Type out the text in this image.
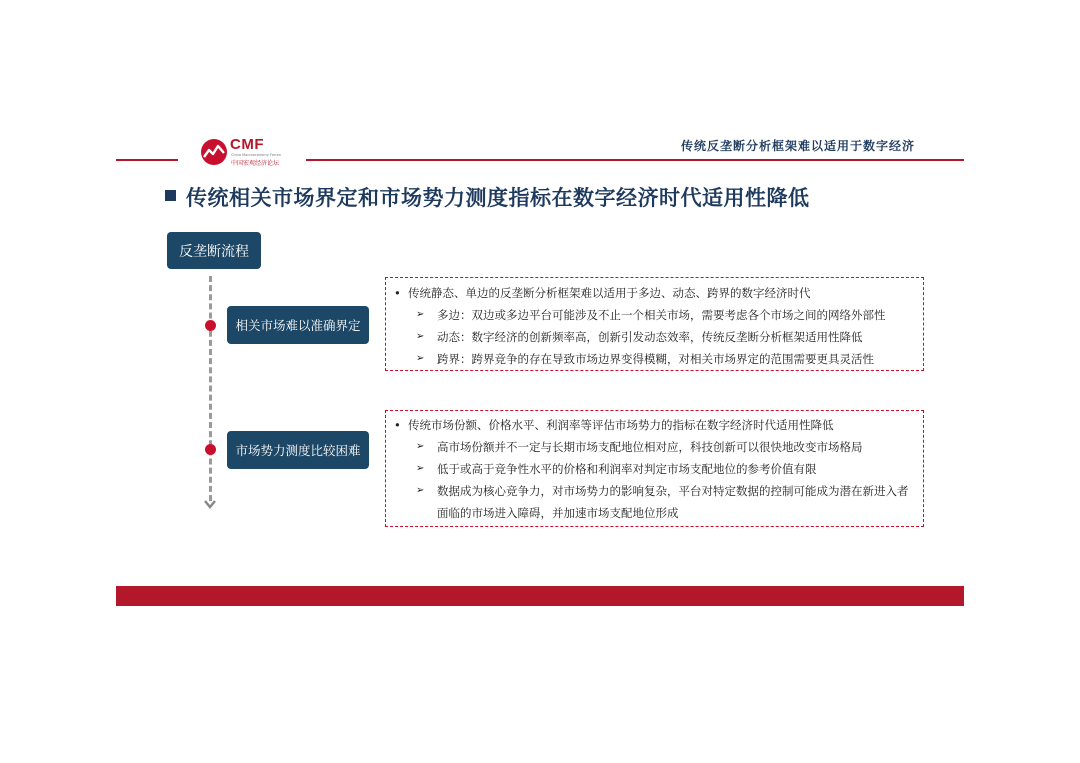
CMF
China Macroeconomy Forum
中国宏观经济论坛
传统反垄断分析框架难以适用于数字经济
传统相关市场界定和市场势力测度指标在数字经济时代适用性降低
反垄断流程
相关市场难以准确界定
市场势力测度比较困难
• 传统静态、单边的反垄断分析框架难以适用于多边、动态、跨界的数字经济时代
➢ 多边：双边或多边平台可能涉及不止一个相关市场，需要考虑各个市场之间的网络外部性
➢ 动态：数字经济的创新频率高，创新引发动态效率，传统反垄断分析框架适用性降低
➢ 跨界：跨界竞争的存在导致市场边界变得模糊，对相关市场界定的范围需要更具灵活性
• 传统市场份额、价格水平、利润率等评估市场势力的指标在数字经济时代适用性降低
➢ 高市场份额并不一定与长期市场支配地位相对应，科技创新可以很快地改变市场格局
➢ 低于或高于竞争性水平的价格和利润率对判定市场支配地位的参考价值有限
➢ 数据成为核心竞争力，对市场势力的影响复杂，平台对特定数据的控制可能成为潜在新进入者面临的市场进入障碍，并加速市场支配地位形成
